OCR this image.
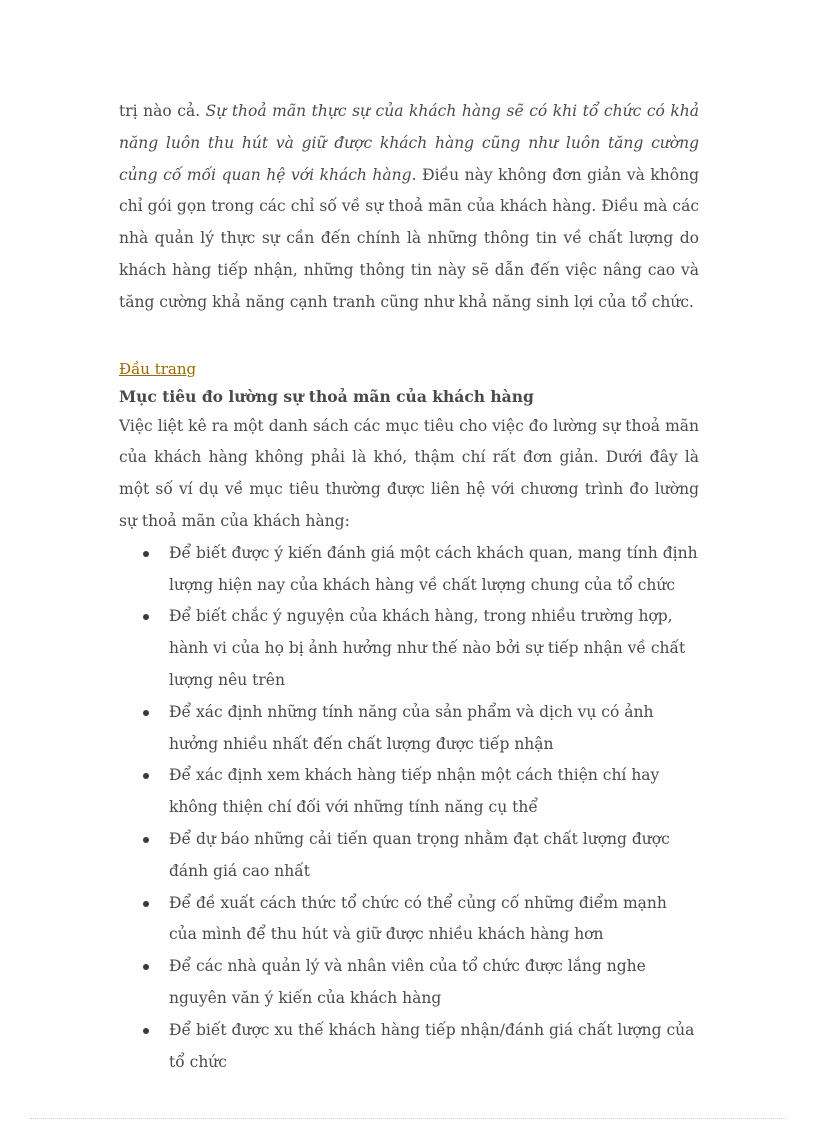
trị nào cả. Sự thoả mãn thực sự của khách hàng sẽ có khi tổ chức có khả năng luôn thu hút và giữ được khách hàng cũng như luôn tăng cường củng cố mối quan hệ với khách hàng. Điều này không đơn giản và không chỉ gói gọn trong các chỉ số về sự thoả mãn của khách hàng. Điều mà các nhà quản lý thực sự cần đến chính là những thông tin về chất lượng do khách hàng tiếp nhận, những thông tin này sẽ dẫn đến việc nâng cao và tăng cường khả năng cạnh tranh cũng như khả năng sinh lợi của tổ chức.

Đầu trang
Mục tiêu đo lường sự thoả mãn của khách hàng

Việc liệt kê ra một danh sách các mục tiêu cho việc đo lường sự thoả mãn của khách hàng không phải là khó, thậm chí rất đơn giản. Dưới đây là một số ví dụ về mục tiêu thường được liên hệ với chương trình đo lường sự thoả mãn của khách hàng:

Để biết được ý kiến đánh giá một cách khách quan, mang tính định lượng hiện nay của khách hàng về chất lượng chung của tổ chức
Để biết chắc ý nguyện của khách hàng, trong nhiều trường hợp, hành vi của họ bị ảnh hưởng như thế nào bởi sự tiếp nhận về chất lượng nêu trên
Để xác định những tính năng của sản phẩm và dịch vụ có ảnh hưởng nhiều nhất đến chất lượng được tiếp nhận
Để xác định xem khách hàng tiếp nhận một cách thiện chí hay không thiện chí đối với những tính năng cụ thể
Để dự báo những cải tiến quan trọng nhằm đạt chất lượng được đánh giá cao nhất
Để đề xuất cách thức tổ chức có thể củng cố những điểm mạnh của mình để thu hút và giữ được nhiều khách hàng hơn
Để các nhà quản lý và nhân viên của tổ chức được lắng nghe nguyên văn ý kiến của khách hàng
Để biết được xu thế khách hàng tiếp nhận/đánh giá chất lượng của tổ chức
